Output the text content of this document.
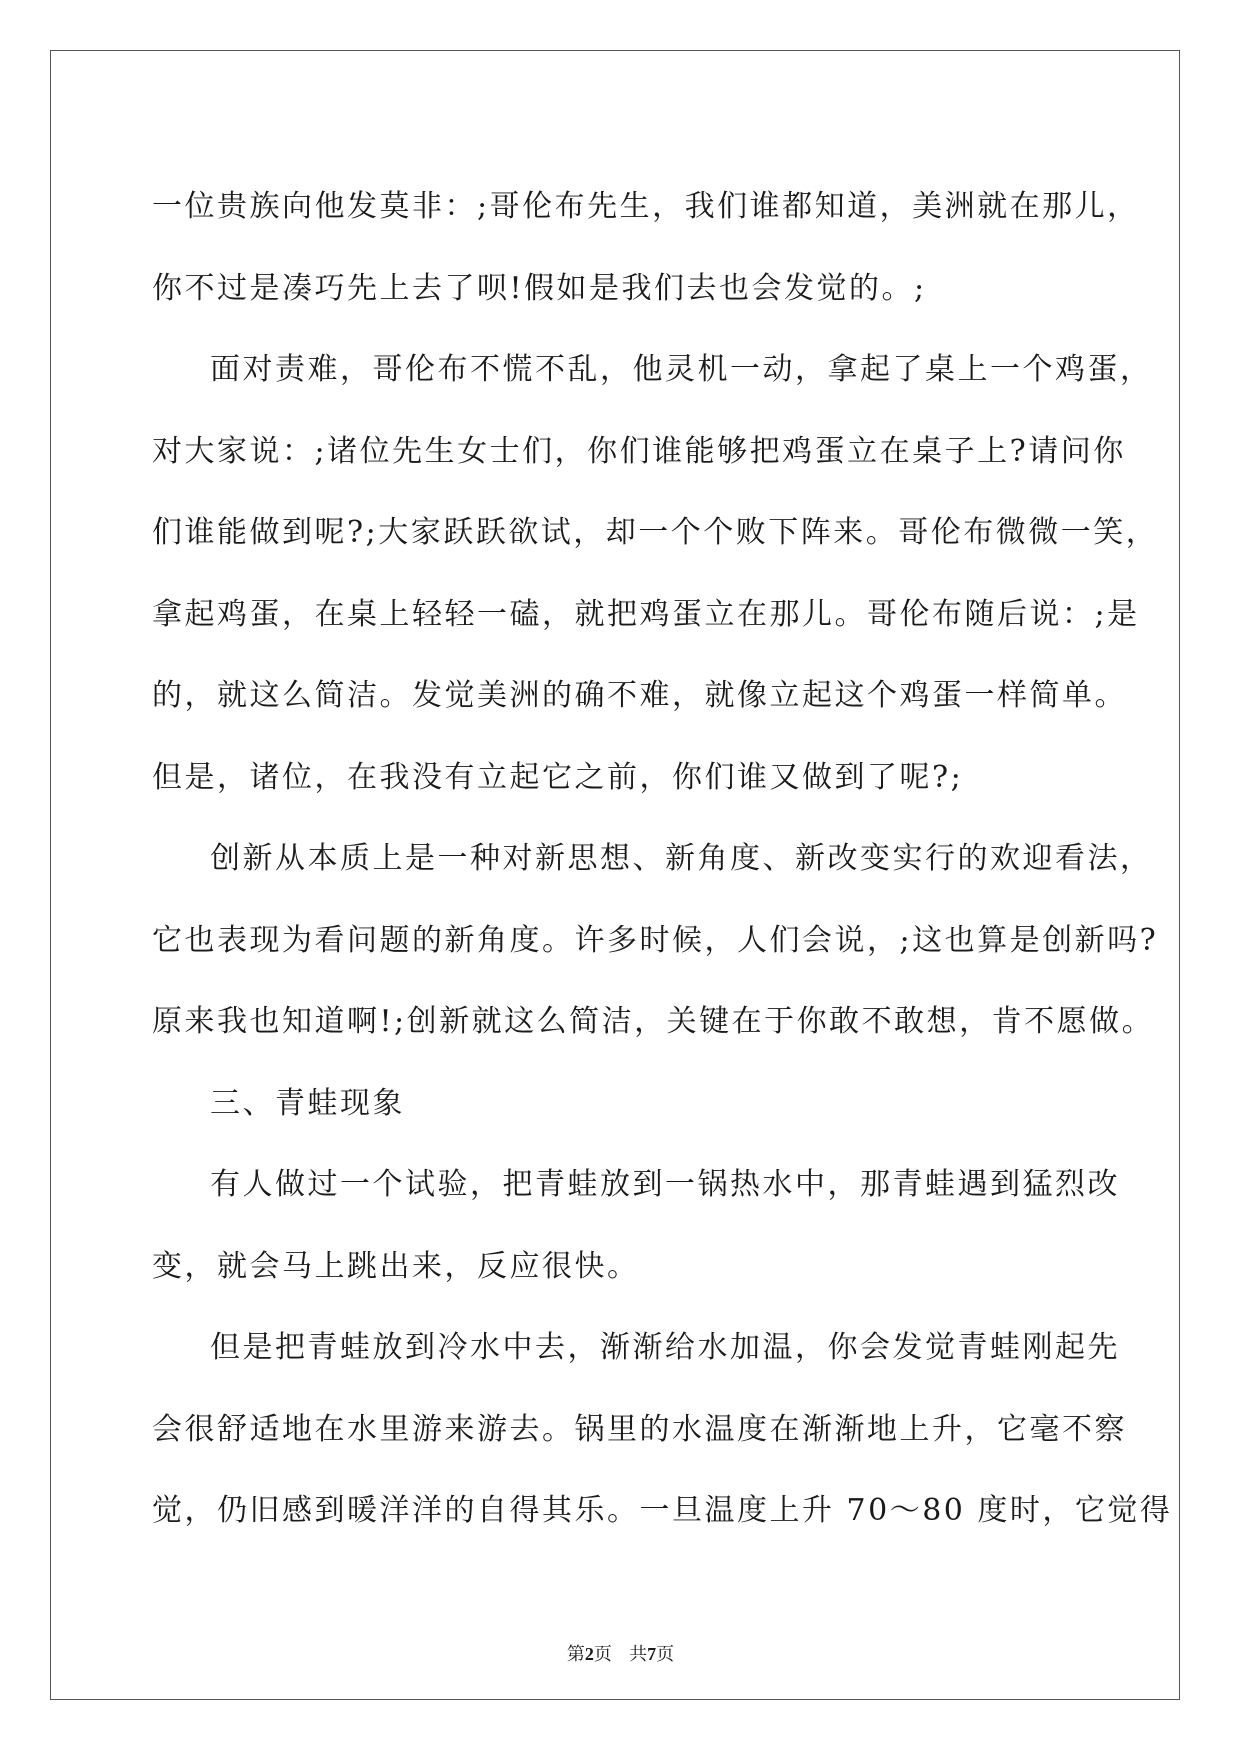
一位贵族向他发莫非：;哥伦布先生，我们谁都知道，美洲就在那儿，
你不过是凑巧先上去了呗!假如是我们去也会发觉的。;

面对责难，哥伦布不慌不乱，他灵机一动，拿起了桌上一个鸡蛋，
对大家说：;诸位先生女士们，你们谁能够把鸡蛋立在桌子上?请问你
们谁能做到呢?;大家跃跃欲试，却一个个败下阵来。哥伦布微微一笑，
拿起鸡蛋，在桌上轻轻一磕，就把鸡蛋立在那儿。哥伦布随后说：;是
的，就这么简洁。发觉美洲的确不难，就像立起这个鸡蛋一样简单。
但是，诸位，在我没有立起它之前，你们谁又做到了呢?;

创新从本质上是一种对新思想、新角度、新改变实行的欢迎看法，
它也表现为看问题的新角度。许多时候，人们会说，;这也算是创新吗?
原来我也知道啊!;创新就这么简洁，关键在于你敢不敢想，肯不愿做。

三、青蛙现象

有人做过一个试验，把青蛙放到一锅热水中，那青蛙遇到猛烈改
变，就会马上跳出来，反应很快。

但是把青蛙放到冷水中去，渐渐给水加温，你会发觉青蛙刚起先
会很舒适地在水里游来游去。锅里的水温度在渐渐地上升，它毫不察
觉，仍旧感到暖洋洋的自得其乐。一旦温度上升 70～80 度时，它觉得

第2页   共7页
